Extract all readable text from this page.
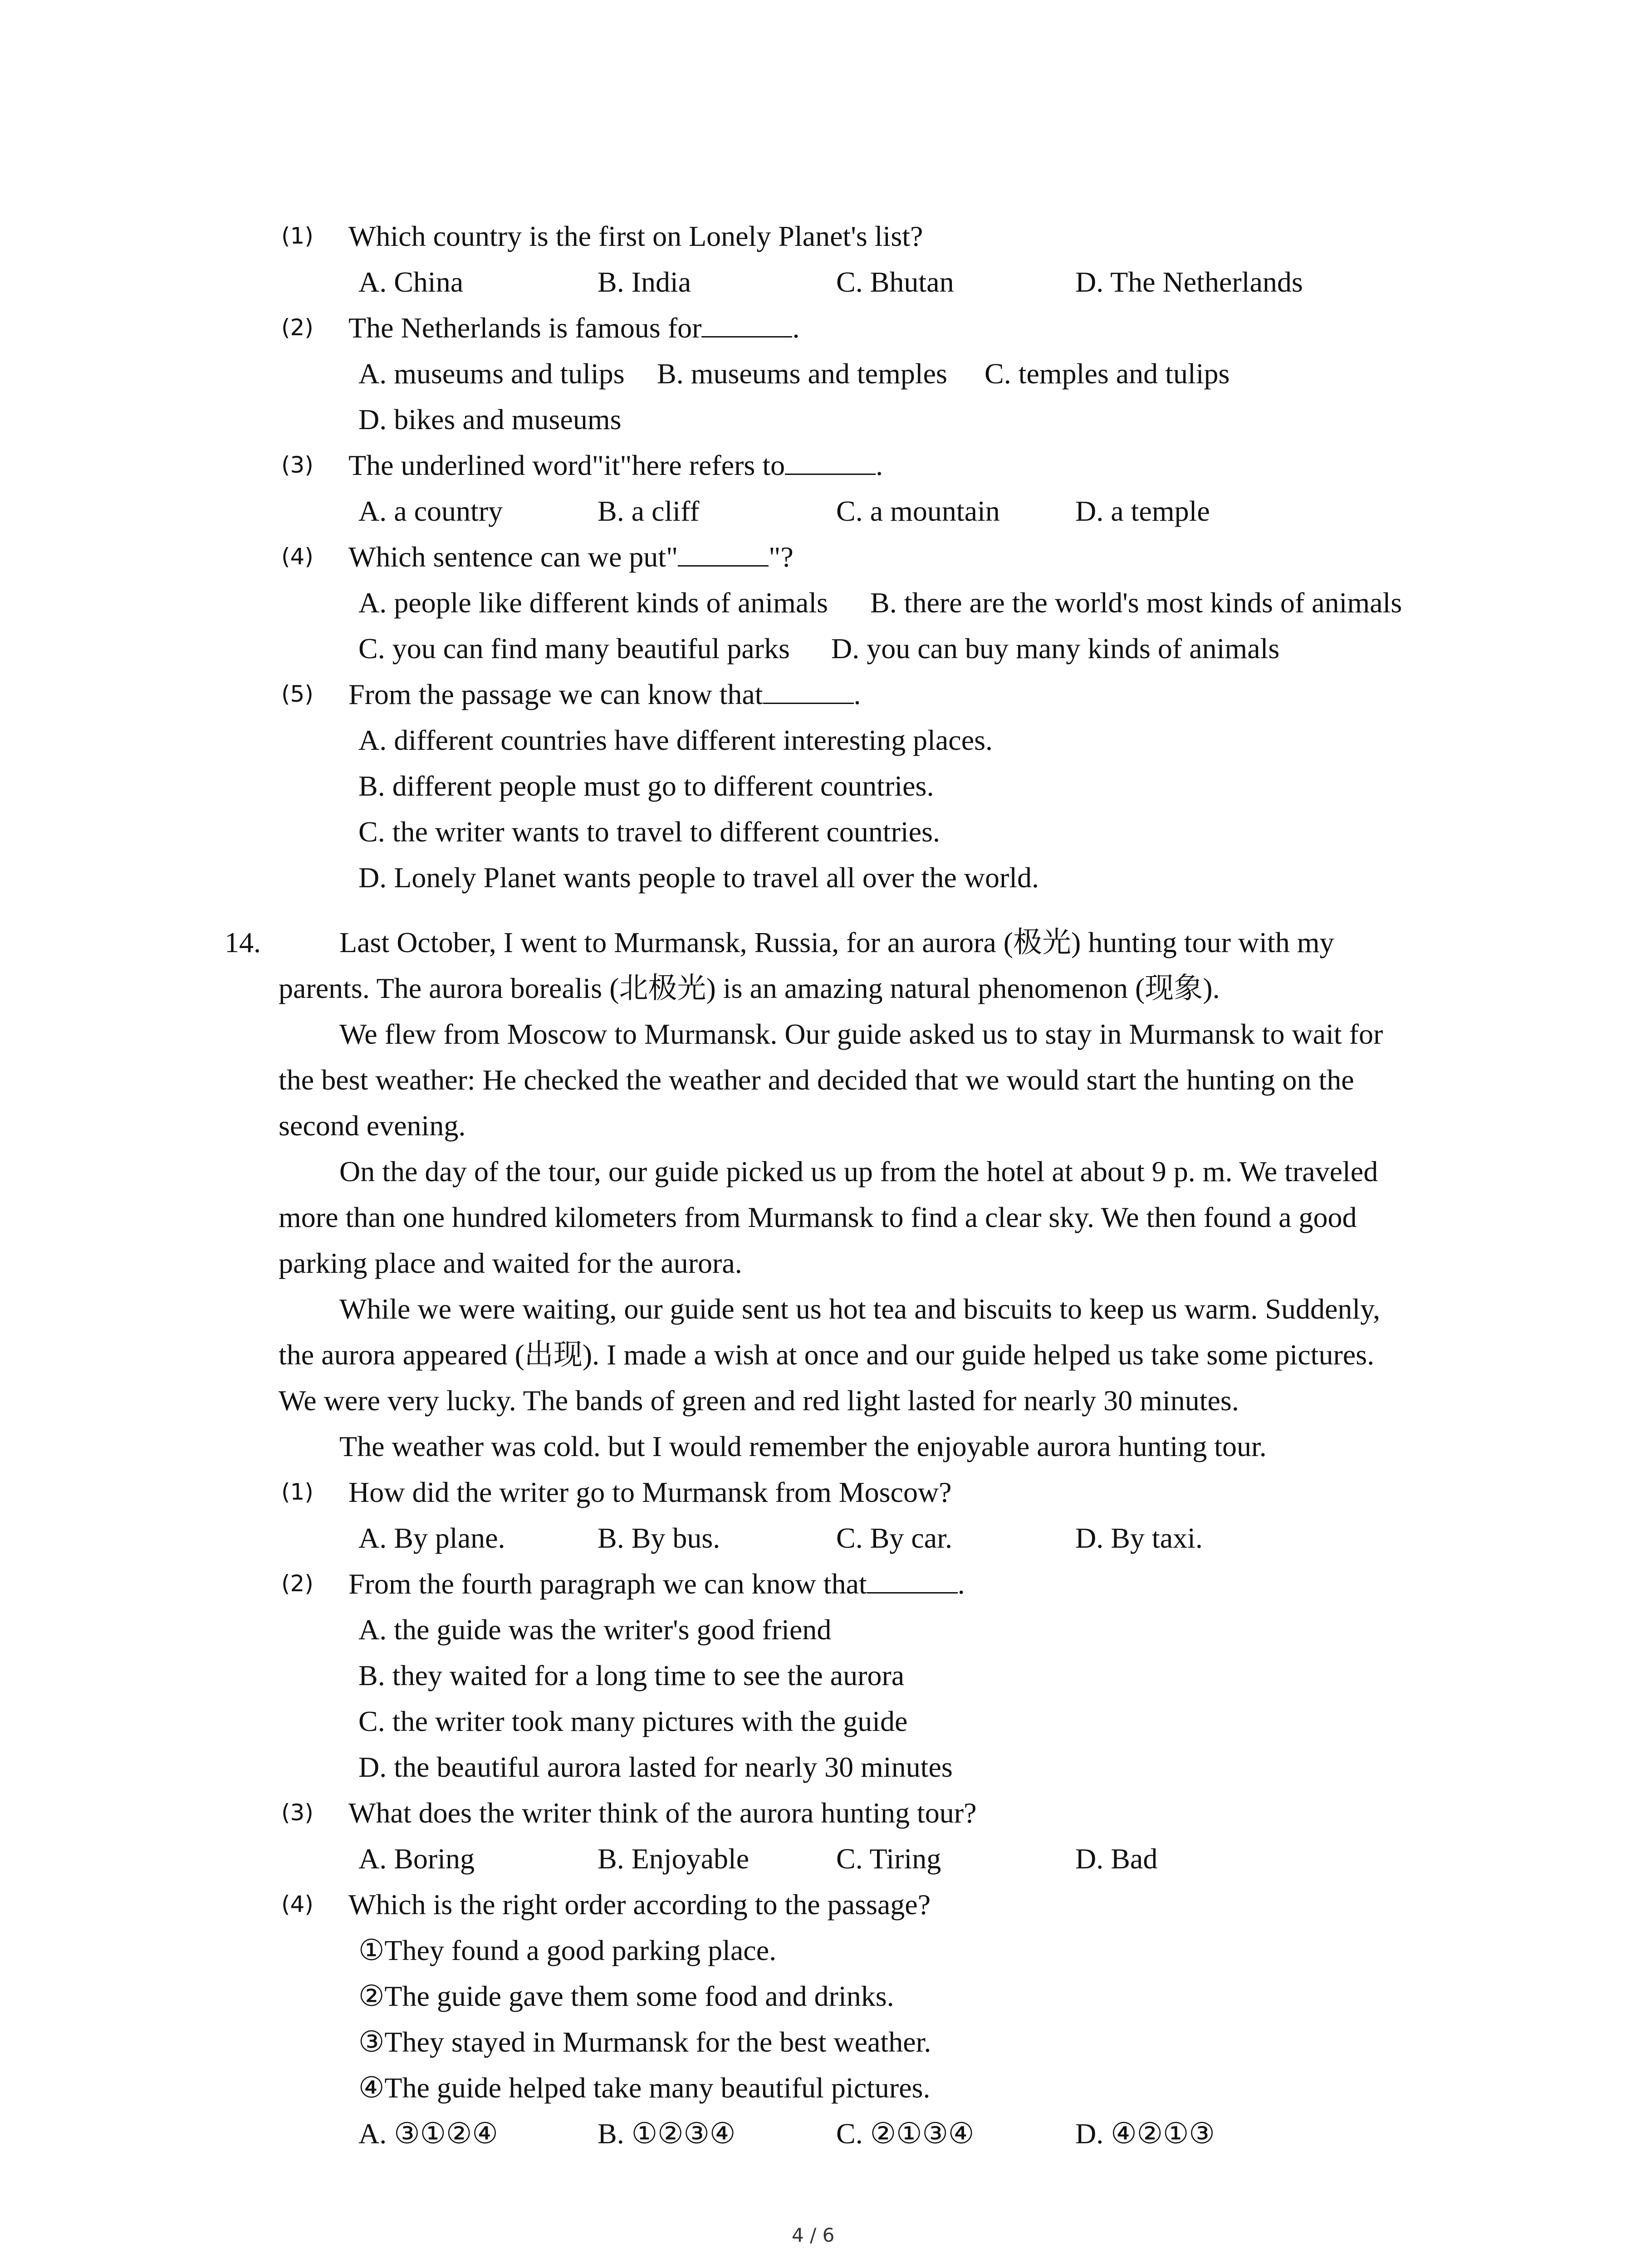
(1) Which country is the first on Lonely Planet's list?
A. China	B. India	C. Bhutan	D. The Netherlands
(2) The Netherlands is famous for	.
A. museums and tulips B. museums and temples C. temples and tulips
D. bikes and museums
(3) The underlined word"it"here refers to	.
A. a country	B. a cliff	C. a mountain	D. a temple
(4) Which sentence can we put"	"?
A. people like different kinds of animals B. there are the world's most kinds of animals
C. you can find many beautiful parks D. you can buy many kinds of animals
(5) From the passage we can know that	.
A. different countries have different interesting places.
B. different people must go to different countries.
C. the writer wants to travel to different countries.
D. Lonely Planet wants people to travel all over the world.
14.	Last October, I went to Murmansk, Russia, for an aurora (极光) hunting tour with my
parents. The aurora borealis (北极光) is an amazing natural phenomenon (现象).
We flew from Moscow to Murmansk. Our guide asked us to stay in Murmansk to wait for
the best weather: He checked the weather and decided that we would start the hunting on the
second evening.
On the day of the tour, our guide picked us up from the hotel at about 9 p. m. We traveled
more than one hundred kilometers from Murmansk to find a clear sky. We then found a good
parking place and waited for the aurora.
While we were waiting, our guide sent us hot tea and biscuits to keep us warm. Suddenly,
the aurora appeared (出现). I made a wish at once and our guide helped us take some pictures.
We were very lucky. The bands of green and red light lasted for nearly 30 minutes.
The weather was cold. but I would remember the enjoyable aurora hunting tour.
(1) How did the writer go to Murmansk from Moscow?
A. By plane.	B. By bus.	C. By car.	D. By taxi.
(2) From the fourth paragraph we can know that	.
A. the guide was the writer's good friend
B. they waited for a long time to see the aurora
C. the writer took many pictures with the guide
D. the beautiful aurora lasted for nearly 30 minutes
(3) What does the writer think of the aurora hunting tour?
A. Boring	B. Enjoyable	C. Tiring	D. Bad
(4) Which is the right order according to the passage?
①They found a good parking place.
②The guide gave them some food and drinks.
③They stayed in Murmansk for the best weather.
④The guide helped take many beautiful pictures.
A. ③①②④	B. ①②③④	C. ②①③④	D. ④②①③
4 / 6
